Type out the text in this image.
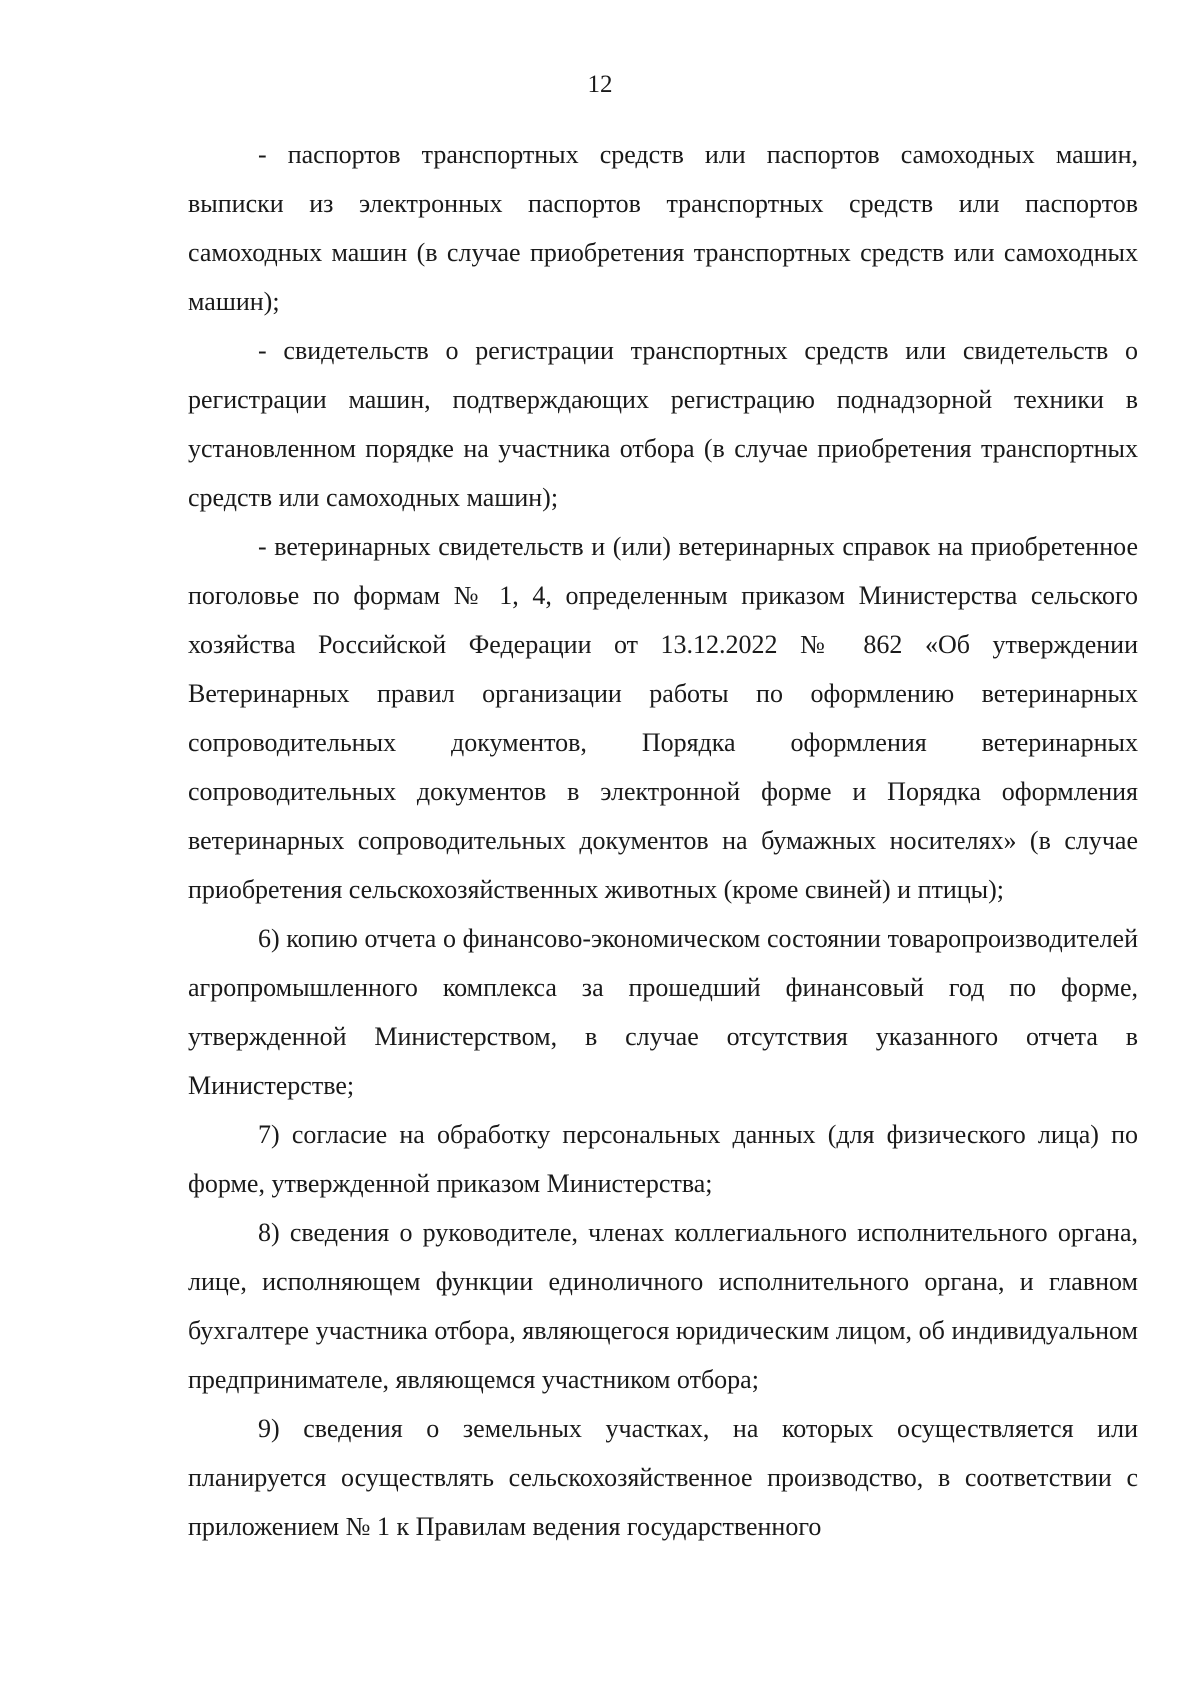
12

- паспортов транспортных средств или паспортов самоходных машин, выписки из электронных паспортов транспортных средств или паспортов самоходных машин (в случае приобретения транспортных средств или самоходных машин);

- свидетельств о регистрации транспортных средств или свидетельств о регистрации машин, подтверждающих регистрацию поднадзорной техники в установленном порядке на участника отбора (в случае приобретения транспортных средств или самоходных машин);

- ветеринарных свидетельств и (или) ветеринарных справок на приобретенное поголовье по формам № 1, 4, определенным приказом Министерства сельского хозяйства Российской Федерации от 13.12.2022 № 862 «Об утверждении Ветеринарных правил организации работы по оформлению ветеринарных сопроводительных документов, Порядка оформления ветеринарных сопроводительных документов в электронной форме и Порядка оформления ветеринарных сопроводительных документов на бумажных носителях» (в случае приобретения сельскохозяйственных животных (кроме свиней) и птицы);

6) копию отчета о финансово-экономическом состоянии товаропроизводителей агропромышленного комплекса за прошедший финансовый год по форме, утвержденной Министерством, в случае отсутствия указанного отчета в Министерстве;

7) согласие на обработку персональных данных (для физического лица) по форме, утвержденной приказом Министерства;

8) сведения о руководителе, членах коллегиального исполнительного органа, лице, исполняющем функции единоличного исполнительного органа, и главном бухгалтере участника отбора, являющегося юридическим лицом, об индивидуальном предпринимателе, являющемся участником отбора;

9) сведения о земельных участках, на которых осуществляется или планируется осуществлять сельскохозяйственное производство, в соответствии с приложением № 1 к Правилам ведения государственного
